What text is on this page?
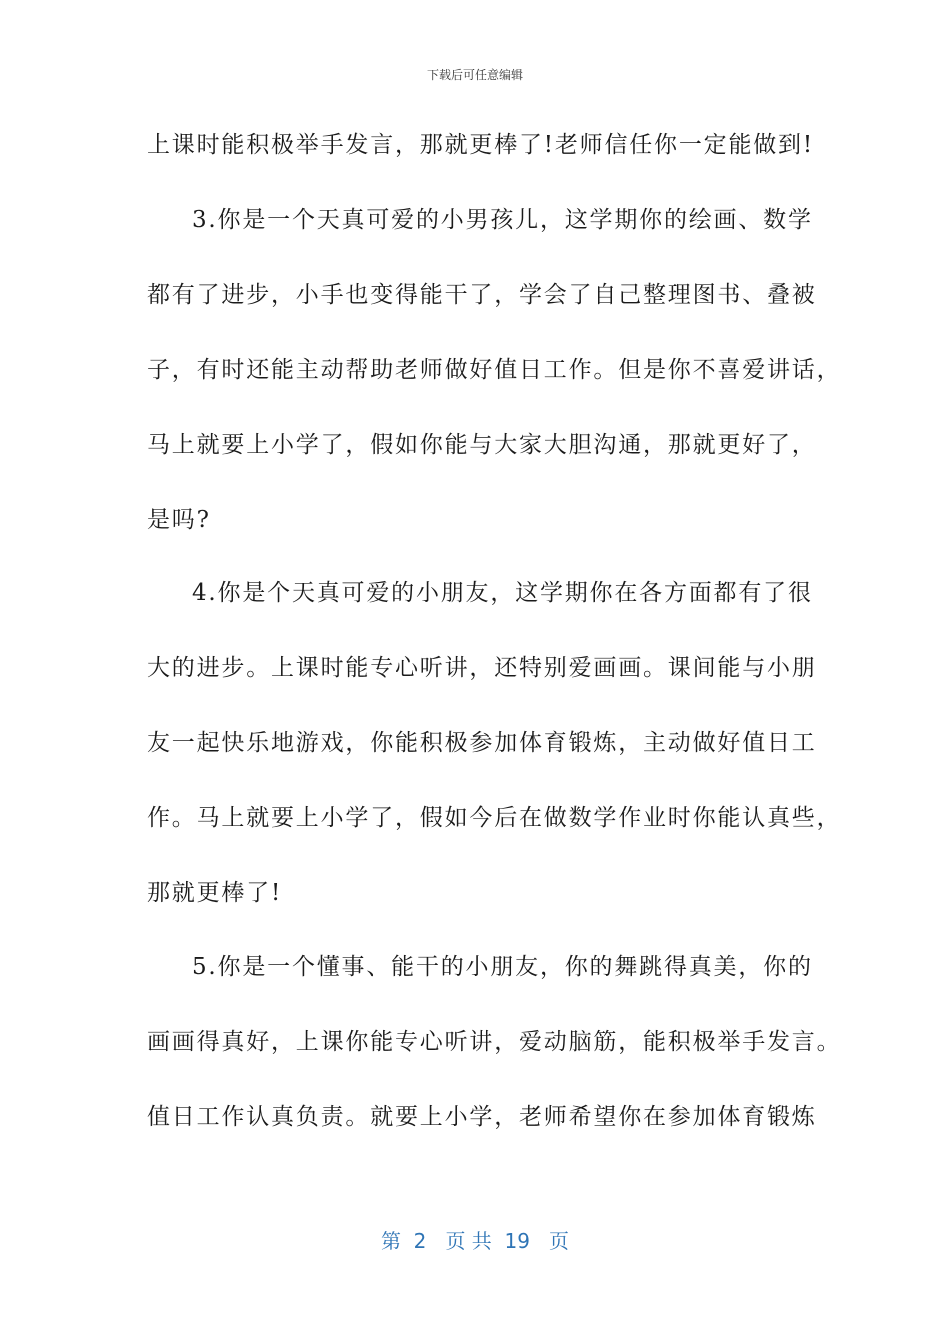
下载后可任意编辑
上课时能积极举手发言，那就更棒了!老师信任你一定能做到!
3.你是一个天真可爱的小男孩儿，这学期你的绘画、数学
都有了进步，小手也变得能干了，学会了自己整理图书、叠被
子，有时还能主动帮助老师做好值日工作。但是你不喜爱讲话，
马上就要上小学了，假如你能与大家大胆沟通，那就更好了，
是吗?
4.你是个天真可爱的小朋友，这学期你在各方面都有了很
大的进步。上课时能专心听讲，还特别爱画画。课间能与小朋
友一起快乐地游戏，你能积极参加体育锻炼，主动做好值日工
作。马上就要上小学了，假如今后在做数学作业时你能认真些，
那就更棒了!
5.你是一个懂事、能干的小朋友，你的舞跳得真美，你的
画画得真好，上课你能专心听讲，爱动脑筋，能积极举手发言。
值日工作认真负责。就要上小学，老师希望你在参加体育锻炼
第  2   页 共  19   页
